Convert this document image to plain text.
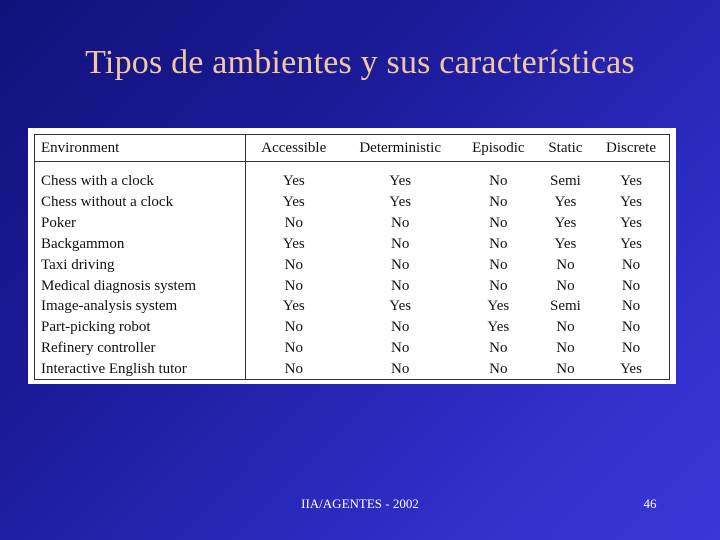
Tipos de ambientes y sus características
Environment	Accessible	Deterministic	Episodic	Static	Discrete
Chess with a clock	Yes	Yes	No	Semi	Yes
Chess without a clock	Yes	Yes	No	Yes	Yes
Poker	No	No	No	Yes	Yes
Backgammon	Yes	No	No	Yes	Yes
Taxi driving	No	No	No	No	No
Medical diagnosis system	No	No	No	No	No
Image-analysis system	Yes	Yes	Yes	Semi	No
Part-picking robot	No	No	Yes	No	No
Refinery controller	No	No	No	No	No
Interactive English tutor	No	No	No	No	Yes
IIA/AGENTES - 2002	46
